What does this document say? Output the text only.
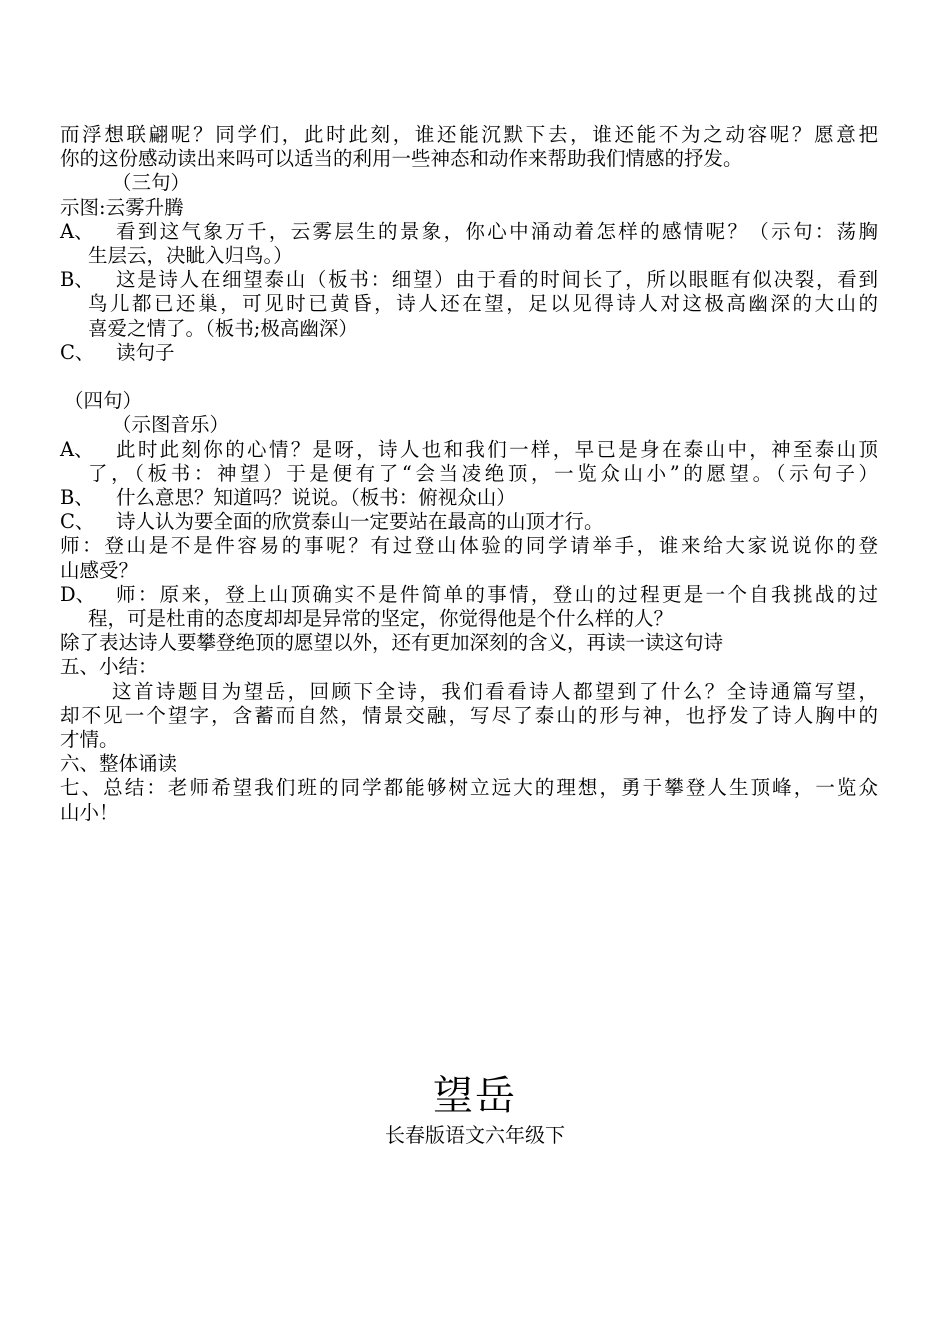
而浮想联翩呢？同学们，此时此刻，谁还能沉默下去，谁还能不为之动容呢？愿意把
你的这份感动读出来吗可以适当的利用一些神态和动作来帮助我们情感的抒发。
（三句）
示图:云雾升腾
A、	看到这气象万千，云雾层生的景象，你心中涌动着怎样的感情呢？（示句：荡胸
生层云，决眦入归鸟。）
B、	这是诗人在细望泰山（板书：细望）由于看的时间长了，所以眼眶有似决裂，看到
鸟儿都已还巢，可见时已黄昏，诗人还在望，足以见得诗人对这极高幽深的大山的
喜爱之情了。（板书;极高幽深）
C、	读句子
（四句）
（示图音乐）
A、	此时此刻你的心情？是呀，诗人也和我们一样，早已是身在泰山中，神至泰山顶
了，（板书：神望）于是便有了“会当凌绝顶，一览众山小”的愿望。（示句子）
B、	什么意思？知道吗？说说。（板书：俯视众山）
C、	诗人认为要全面的欣赏泰山一定要站在最高的山顶才行。
师：登山是不是件容易的事呢？有过登山体验的同学请举手，谁来给大家说说你的登
山感受？
D、	师：原来，登上山顶确实不是件简单的事情，登山的过程更是一个自我挑战的过
程，可是杜甫的态度却却是异常的坚定，你觉得他是个什么样的人？
除了表达诗人要攀登绝顶的愿望以外，还有更加深刻的含义，再读一读这句诗
五、小结：
这首诗题目为望岳，回顾下全诗，我们看看诗人都望到了什么？全诗通篇写望，
却不见一个望字，含蓄而自然，情景交融，写尽了泰山的形与神，也抒发了诗人胸中的
才情。
六、整体诵读
七、总结：老师希望我们班的同学都能够树立远大的理想，勇于攀登人生顶峰，一览众
山小！
望岳
长春版语文六年级下
